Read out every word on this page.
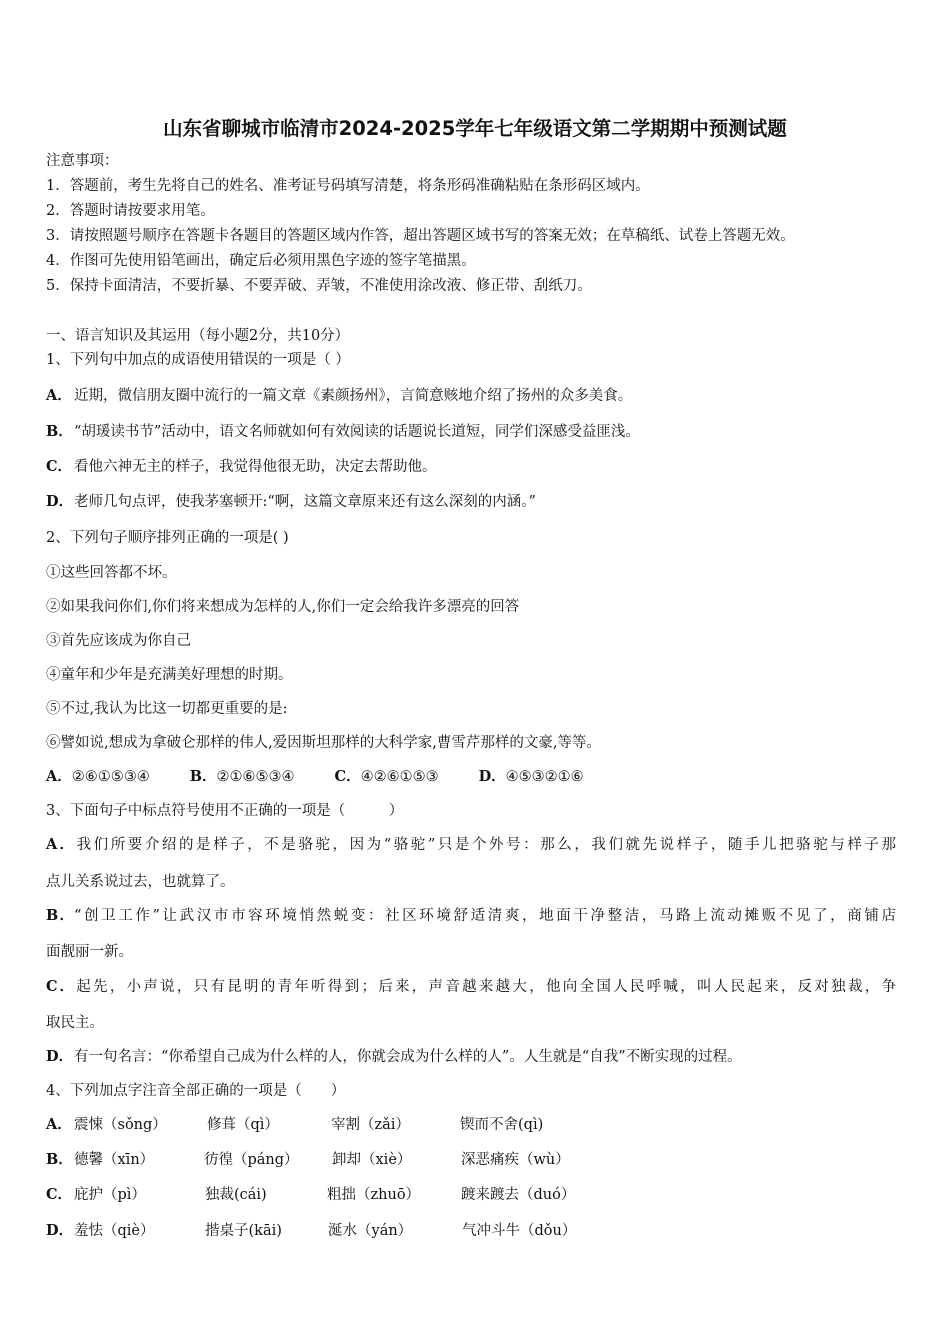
山东省聊城市临清市2024-2025学年七年级语文第二学期期中预测试题
注意事项：
1．答题前，考生先将自己的姓名、准考证号码填写清楚，将条形码准确粘贴在条形码区域内。
2．答题时请按要求用笔。
3．请按照题号顺序在答题卡各题目的答题区域内作答，超出答题区域书写的答案无效；在草稿纸、试卷上答题无效。
4．作图可先使用铅笔画出，确定后必须用黑色字迹的签字笔描黑。
5．保持卡面清洁，不要折暴、不要弄破、弄皱，不准使用涂改液、修正带、刮纸刀。
一、语言知识及其运用（每小题2分，共10分）
1、下列句中加点的成语使用错误的一项是（ ）
A． 近期，微信朋友圈中流行的一篇文章《素颜扬州》，言简意赅地介绍了扬州的众多美食。
B．“胡瑗读书节”活动中，语文名师就如何有效阅读的话题说长道短，同学们深感受益匪浅。
C． 看他六神无主的样子，我觉得他很无助，决定去帮助他。
D．老师几句点评，使我茅塞顿开:“啊，这篇文章原来还有这么深刻的内涵。”
2、下列句子顺序排列正确的一项是( )
①这些回答都不坏。
②如果我问你们,你们将来想成为怎样的人,你们一定会给我许多漂亮的回答
③首先应该成为你自己
④童年和少年是充满美好理想的时期。
⑤不过,我认为比这一切都更重要的是:
⑥譬如说,想成为拿破仑那样的伟人,爱因斯坦那样的大科学家,曹雪芹那样的文豪,等等。
A．②⑥①⑤③④	B．②①⑥⑤③④	C．④②⑥①⑤③	D．④⑤③②①⑥
3、下面句子中标点符号使用不正确的一项是（　　　）
A．我们所要介绍的是样子，不是骆驼，因为“骆驼”只是个外号：那么，我们就先说样子，随手儿把骆驼与样子那
点儿关系说过去，也就算了。
B．“创卫工作”让武汉市市容环境悄然蜕变：社区环境舒适清爽，地面干净整洁，马路上流动摊贩不见了，商铺店
面靓丽一新。
C．起先，小声说，只有昆明的青年听得到；后来，声音越来越大，他向全国人民呼喊，叫人民起来，反对独裁，争
取民主。
D．有一句名言：“你希望自己成为什么样的人，你就会成为什么样的人”。人生就是“自我”不断实现的过程。
4、下列加点字注音全部正确的一项是（　　）
A． 震悚（sǒng）	修葺（qì）	宰割（zǎi）	锲而不舍(qì)
B． 德馨（xīn）	彷徨（páng） 卸却（xiè）	深恶痛疾（wù）
C． 庇护（pì）	独裁(cái)	粗拙（zhuō）	踱来踱去（duó）
D． 羞怯（qiè）	揩桌子(kāi)	涎水（yán）	气冲斗牛（dǒu）
